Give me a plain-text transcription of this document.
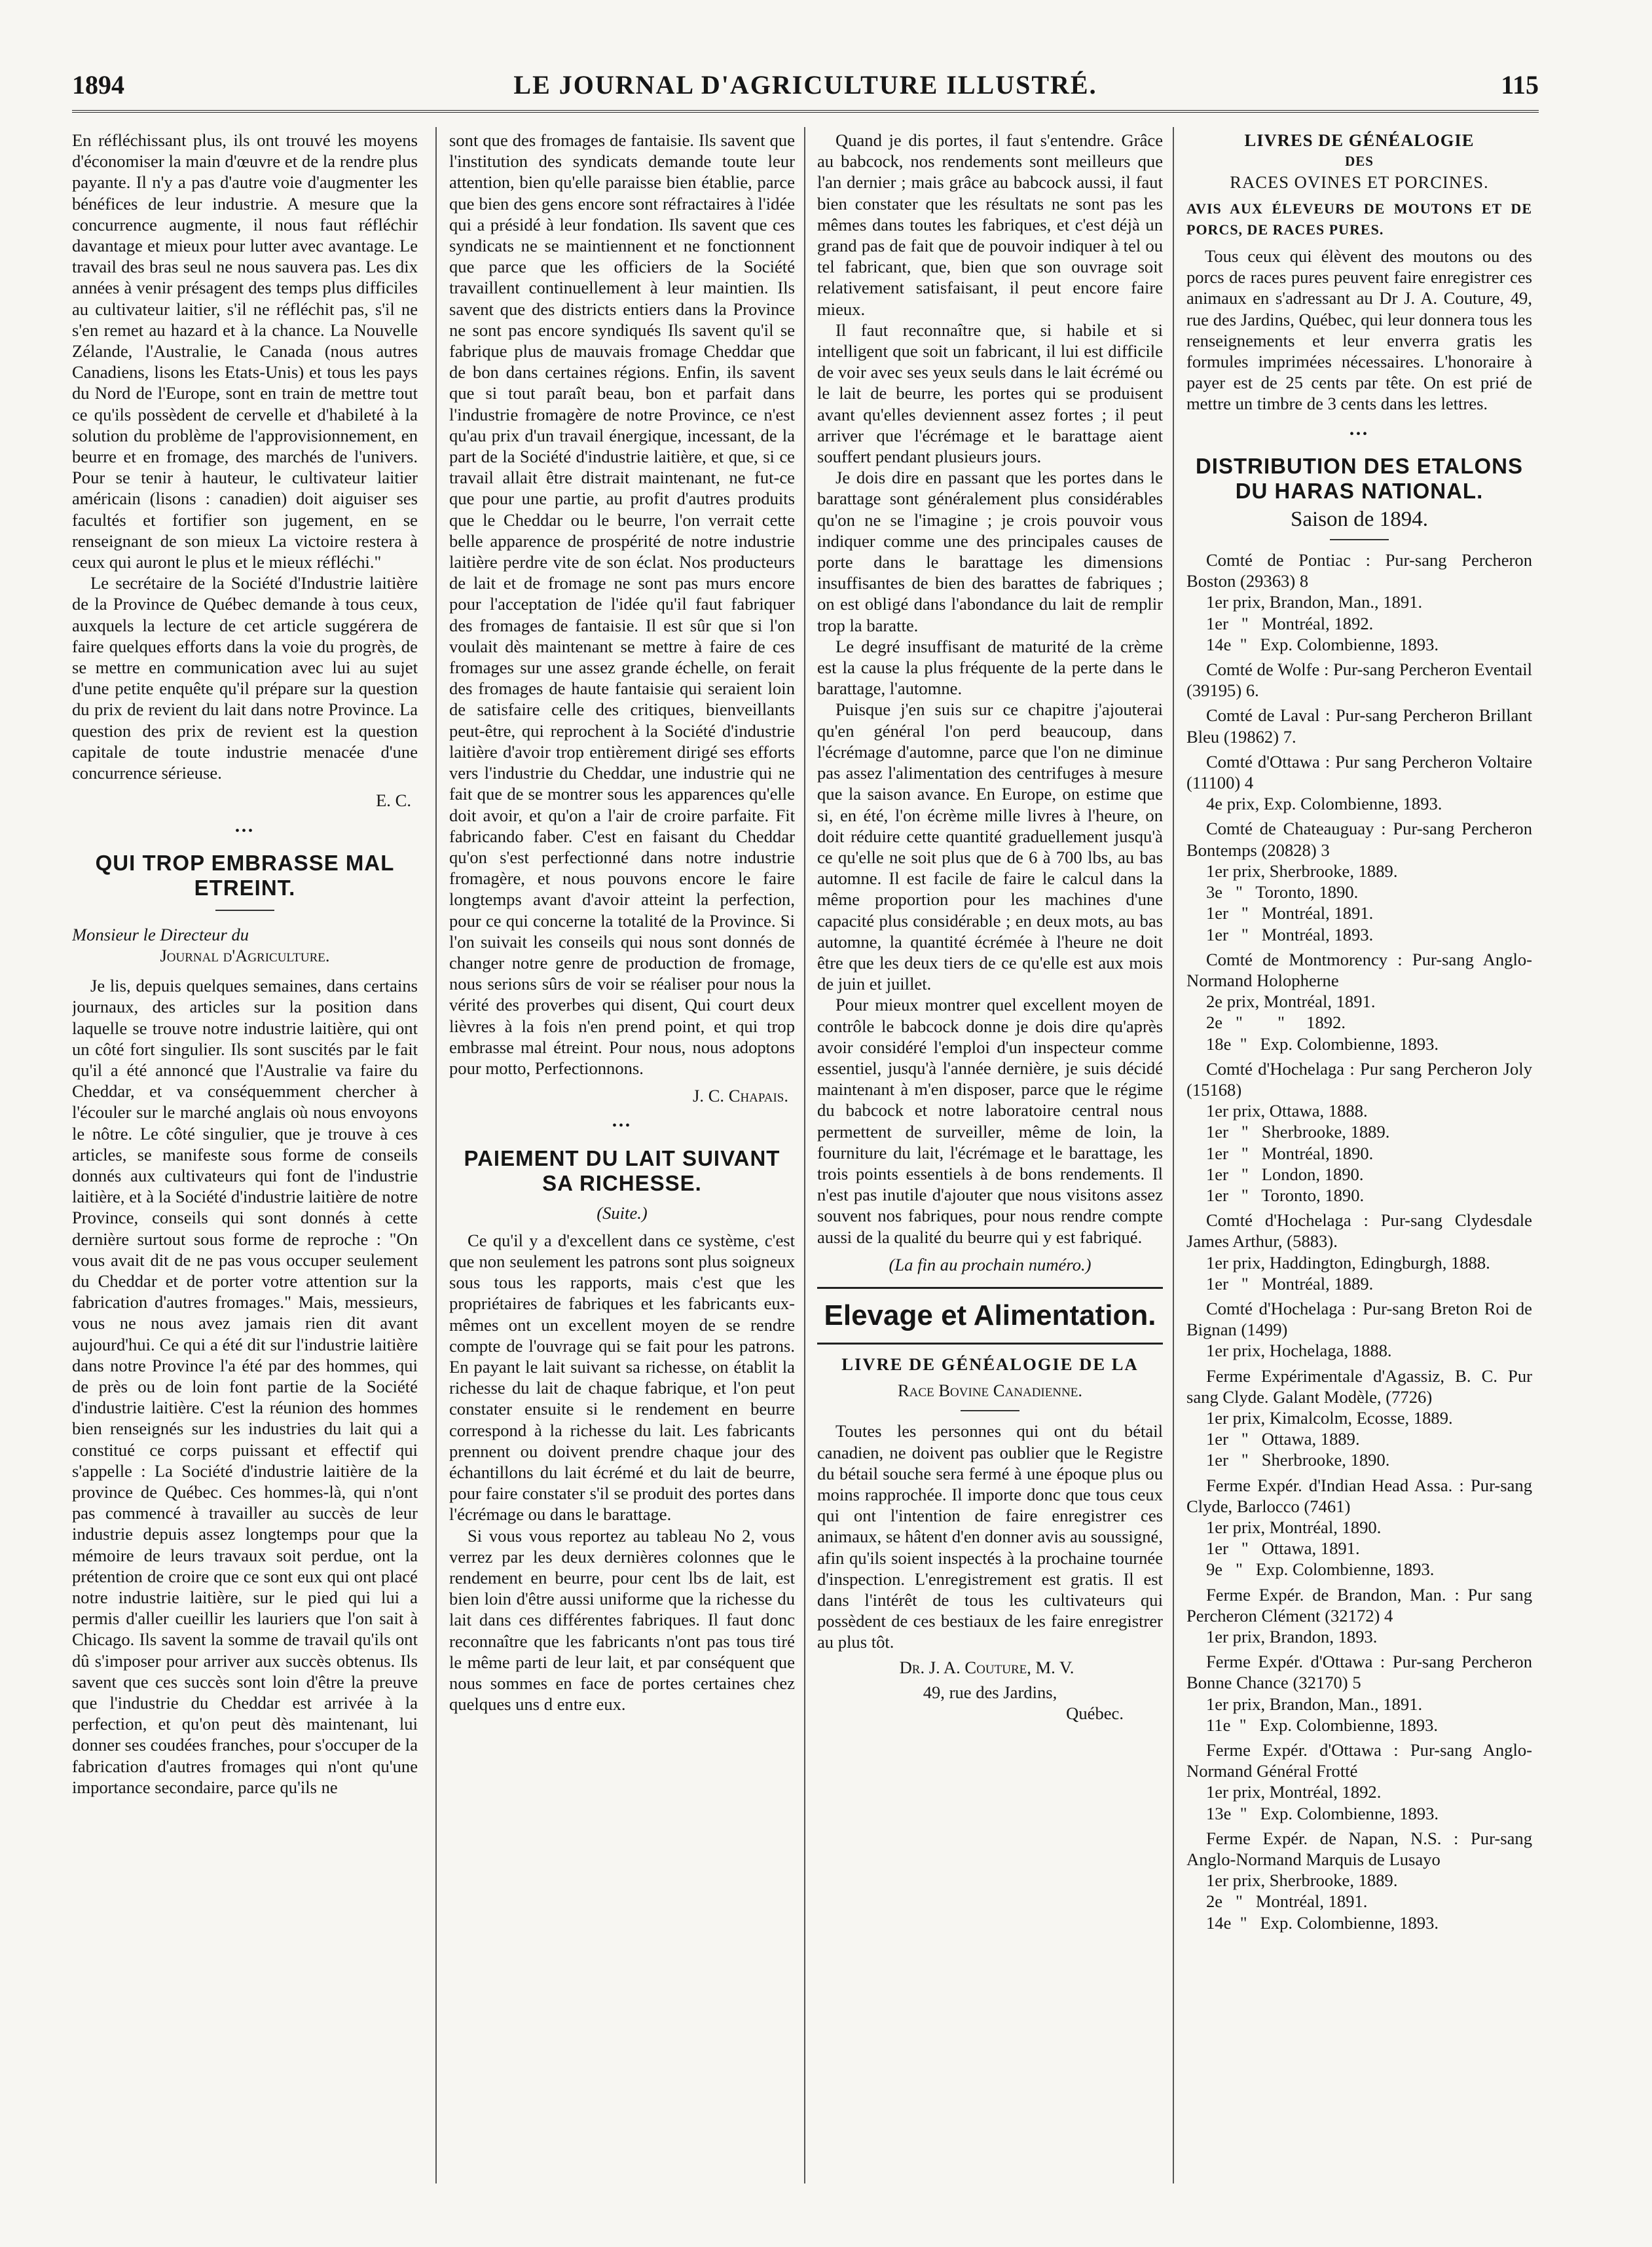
1894	LE JOURNAL D'AGRICULTURE ILLUSTRÉ.	115

En réfléchissant plus, ils ont trouvé les moyens d'économiser la main d'œuvre et de la rendre plus payante. Il n'y a pas d'autre voie d'augmenter les bénéfices de leur industrie. A mesure que la concurrence augmente, il nous faut réfléchir davantage et mieux pour lutter avec avantage. Le travail des bras seul ne nous sauvera pas. Les dix années à venir présagent des temps plus difficiles au cultivateur laitier, s'il ne réfléchit pas, s'il ne s'en remet au hazard et à la chance. La Nouvelle Zélande, l'Australie, le Canada (nous autres Canadiens, lisons les Etats-Unis) et tous les pays du Nord de l'Europe, sont en train de mettre tout ce qu'ils possèdent de cervelle et d'habileté à la solution du problème de l'approvisionnement, en beurre et en fromage, des marchés de l'univers. Pour se tenir à hauteur, le cultivateur laitier américain (lisons : canadien) doit aiguiser ses facultés et fortifier son jugement, en se renseignant de son mieux La victoire restera à ceux qui auront le plus et le mieux réfléchi."

Le secrétaire de la Société d'Industrie laitière de la Province de Québec demande à tous ceux, auxquels la lecture de cet article suggérera de faire quelques efforts dans la voie du progrès, de se mettre en communication avec lui au sujet d'une petite enquête qu'il prépare sur la question du prix de revient du lait dans notre Province. La question des prix de revient est la question capitale de toute industrie menacée d'une concurrence sérieuse.

E. C.
•••
QUI TROP EMBRASSE MAL ETREINT.
Monsieur le Directeur du
Journal d'Agriculture.

Je lis, depuis quelques semaines, dans certains journaux, des articles sur la position dans laquelle se trouve notre industrie laitière, qui ont un côté fort singulier. Ils sont suscités par le fait qu'il a été annoncé que l'Australie va faire du Cheddar, et va conséquemment chercher à l'écouler sur le marché anglais où nous envoyons le nôtre. Le côté singulier, que je trouve à ces articles, se manifeste sous forme de conseils donnés aux cultivateurs qui font de l'industrie laitière, et à la Société d'industrie laitière de notre Province, conseils qui sont donnés à cette dernière surtout sous forme de reproche : "On vous avait dit de ne pas vous occuper seulement du Cheddar et de porter votre attention sur la fabrication d'autres fromages." Mais, messieurs, vous ne nous avez jamais rien dit avant aujourd'hui. Ce qui a été dit sur l'industrie laitière dans notre Province l'a été par des hommes, qui de près ou de loin font partie de la Société d'industrie laitière. C'est la réunion des hommes bien renseignés sur les industries du lait qui a constitué ce corps puissant et effectif qui s'appelle : La Société d'industrie laitière de la province de Québec. Ces hommes-là, qui n'ont pas commencé à travailler au succès de leur industrie depuis assez longtemps pour que la mémoire de leurs travaux soit perdue, ont la prétention de croire que ce sont eux qui ont placé notre industrie laitière, sur le pied qui lui a permis d'aller cueillir les lauriers que l'on sait à Chicago. Ils savent la somme de travail qu'ils ont dû s'imposer pour arriver aux succès obtenus. Ils savent que ces succès sont loin d'être la preuve que l'industrie du Cheddar est arrivée à la perfection, et qu'on peut dès maintenant, lui donner ses coudées franches, pour s'occuper de la fabrication d'autres fromages qui n'ont qu'une importance secondaire, parce qu'ils ne

sont que des fromages de fantaisie. Ils savent que l'institution des syndicats demande toute leur attention, bien qu'elle paraisse bien établie, parce que bien des gens encore sont réfractaires à l'idée qui a présidé à leur fondation. Ils savent que ces syndicats ne se maintiennent et ne fonctionnent que parce que les officiers de la Société travaillent continuellement à leur maintien. Ils savent que des districts entiers dans la Province ne sont pas encore syndiqués Ils savent qu'il se fabrique plus de mauvais fromage Cheddar que de bon dans certaines régions. Enfin, ils savent que si tout paraît beau, bon et parfait dans l'industrie fromagère de notre Province, ce n'est qu'au prix d'un travail énergique, incessant, de la part de la Société d'industrie laitière, et que, si ce travail allait être distrait maintenant, ne fut-ce que pour une partie, au profit d'autres produits que le Cheddar ou le beurre, l'on verrait cette belle apparence de prospérité de notre industrie laitière perdre vite de son éclat. Nos producteurs de lait et de fromage ne sont pas murs encore pour l'acceptation de l'idée qu'il faut fabriquer des fromages de fantaisie. Il est sûr que si l'on voulait dès maintenant se mettre à faire de ces fromages sur une assez grande échelle, on ferait des fromages de haute fantaisie qui seraient loin de satisfaire celle des critiques, bienveillants peut-être, qui reprochent à la Société d'industrie laitière d'avoir trop entièrement dirigé ses efforts vers l'industrie du Cheddar, une industrie qui ne fait que de se montrer sous les apparences qu'elle doit avoir, et qu'on a l'air de croire parfaite. Fit fabricando faber. C'est en faisant du Cheddar qu'on s'est perfectionné dans notre industrie fromagère, et nous pouvons encore le faire longtemps avant d'avoir atteint la perfection, pour ce qui concerne la totalité de la Province. Si l'on suivait les conseils qui nous sont donnés de changer notre genre de production de fromage, nous serions sûrs de voir se réaliser pour nous la vérité des proverbes qui disent, Qui court deux lièvres à la fois n'en prend point, et qui trop embrasse mal étreint. Pour nous, nous adoptons pour motto, Perfectionnons.

J. C. Chapais.
•••
PAIEMENT DU LAIT SUIVANT SA RICHESSE.
(Suite.)

Ce qu'il y a d'excellent dans ce système, c'est que non seulement les patrons sont plus soigneux sous tous les rapports, mais c'est que les propriétaires de fabriques et les fabricants eux-mêmes ont un excellent moyen de se rendre compte de l'ouvrage qui se fait pour les patrons. En payant le lait suivant sa richesse, on établit la richesse du lait de chaque fabrique, et l'on peut constater ensuite si le rendement en beurre correspond à la richesse du lait. Les fabricants prennent ou doivent prendre chaque jour des échantillons du lait écrémé et du lait de beurre, pour faire constater s'il se produit des portes dans l'écrémage ou dans le barattage.

Si vous vous reportez au tableau No 2, vous verrez par les deux dernières colonnes que le rendement en beurre, pour cent lbs de lait, est bien loin d'être aussi uniforme que la richesse du lait dans ces différentes fabriques. Il faut donc reconnaître que les fabricants n'ont pas tous tiré le même parti de leur lait, et par conséquent que nous sommes en face de portes certaines chez quelques uns d entre eux.

Quand je dis portes, il faut s'entendre. Grâce au babcock, nos rendements sont meilleurs que l'an dernier ; mais grâce au babcock aussi, il faut bien constater que les résultats ne sont pas les mêmes dans toutes les fabriques, et c'est déjà un grand pas de fait que de pouvoir indiquer à tel ou tel fabricant, que, bien que son ouvrage soit relativement satisfaisant, il peut encore faire mieux.

Il faut reconnaître que, si habile et si intelligent que soit un fabricant, il lui est difficile de voir avec ses yeux seuls dans le lait écrémé ou le lait de beurre, les portes qui se produisent avant qu'elles deviennent assez fortes ; il peut arriver que l'écrémage et le barattage aient souffert pendant plusieurs jours.

Je dois dire en passant que les portes dans le barattage sont généralement plus considérables qu'on ne se l'imagine ; je crois pouvoir vous indiquer comme une des principales causes de porte dans le barattage les dimensions insuffisantes de bien des barattes de fabriques ; on est obligé dans l'abondance du lait de remplir trop la baratte.

Le degré insuffisant de maturité de la crème est la cause la plus fréquente de la perte dans le barattage, l'automne.

Puisque j'en suis sur ce chapitre j'ajouterai qu'en général l'on perd beaucoup, dans l'écrémage d'automne, parce que l'on ne diminue pas assez l'alimentation des centrifuges à mesure que la saison avance. En Europe, on estime que si, en été, l'on écrème mille livres à l'heure, on doit réduire cette quantité graduellement jusqu'à ce qu'elle ne soit plus que de 6 à 700 lbs, au bas automne. Il est facile de faire le calcul dans la même proportion pour les machines d'une capacité plus considérable ; en deux mots, au bas automne, la quantité écrémée à l'heure ne doit être que les deux tiers de ce qu'elle est aux mois de juin et juillet.

Pour mieux montrer quel excellent moyen de contrôle le babcock donne je dois dire qu'après avoir considéré l'emploi d'un inspecteur comme essentiel, jusqu'à l'année dernière, je suis décidé maintenant à m'en disposer, parce que le régime du babcock et notre laboratoire central nous permettent de surveiller, même de loin, la fourniture du lait, l'écrémage et le barattage, les trois points essentiels à de bons rendements. Il n'est pas inutile d'ajouter que nous visitons assez souvent nos fabriques, pour nous rendre compte aussi de la qualité du beurre qui y est fabriqué.

(La fin au prochain numéro.)
Elevage et Alimentation.
LIVRE DE GÉNÉALOGIE DE LA
Race Bovine Canadienne.

Toutes les personnes qui ont du bétail canadien, ne doivent pas oublier que le Registre du bétail souche sera fermé à une époque plus ou moins rapprochée. Il importe donc que tous ceux qui ont l'intention de faire enregistrer ces animaux, se hâtent d'en donner avis au soussigné, afin qu'ils soient inspectés à la prochaine tournée d'inspection. L'enregistrement est gratis. Il est dans l'intérêt de tous les cultivateurs qui possèdent de ces bestiaux de les faire enregistrer au plus tôt.

Dr. J. A. Couture, M. V.
49, rue des Jardins,
Québec.
LIVRES DE GÉNÉALOGIE
DES
RACES OVINES ET PORCINES.
AVIS AUX ÉLEVEURS DE MOUTONS ET DE PORCS, DE RACES PURES.

Tous ceux qui élèvent des moutons ou des porcs de races pures peuvent faire enregistrer ces animaux en s'adressant au Dr J. A. Couture, 49, rue des Jardins, Québec, qui leur donnera tous les renseignements et leur enverra gratis les formules imprimées nécessaires. L'honoraire à payer est de 25 cents par tête. On est prié de mettre un timbre de 3 cents dans les lettres.

•••
DISTRIBUTION DES ETALONS DU HARAS NATIONAL.
Saison de 1894.

Comté de Pontiac : Pur-sang Percheron Boston (29363) 8

1er prix, Brandon, Man., 1891.
1er   "   Montréal, 1892.
14e  "   Exp. Colombienne, 1893.

Comté de Wolfe : Pur-sang Percheron Eventail (39195) 6.

Comté de Laval : Pur-sang Percheron Brillant Bleu (19862) 7.

Comté d'Ottawa : Pur sang Percheron Voltaire (11100) 4

4e prix, Exp. Colombienne, 1893.

Comté de Chateauguay : Pur-sang Percheron Bontemps (20828) 3

1er prix, Sherbrooke, 1889.
3e   "   Toronto, 1890.
1er   "   Montréal, 1891.
1er   "   Montréal, 1893.

Comté de Montmorency : Pur-sang Anglo-Normand Holopherne

2e prix, Montréal, 1891.
2e   "        "     1892.
18e  "   Exp. Colombienne, 1893.

Comté d'Hochelaga : Pur sang Percheron Joly (15168)

1er prix, Ottawa, 1888.
1er   "   Sherbrooke, 1889.
1er   "   Montréal, 1890.
1er   "   London, 1890.
1er   "   Toronto, 1890.

Comté d'Hochelaga : Pur-sang Clydesdale James Arthur, (5883).

1er prix, Haddington, Edingburgh, 1888.
1er   "   Montréal, 1889.

Comté d'Hochelaga : Pur-sang Breton Roi de Bignan (1499)

1er prix, Hochelaga, 1888.

Ferme Expérimentale d'Agassiz, B. C. Pur sang Clyde. Galant Modèle, (7726)

1er prix, Kimalcolm, Ecosse, 1889.
1er   "   Ottawa, 1889.
1er   "   Sherbrooke, 1890.

Ferme Expér. d'Indian Head Assa. : Pur-sang Clyde, Barlocco (7461)

1er prix, Montréal, 1890.
1er   "   Ottawa, 1891.
9e   "   Exp. Colombienne, 1893.

Ferme Expér. de Brandon, Man. : Pur sang Percheron Clément (32172) 4

1er prix, Brandon, 1893.

Ferme Expér. d'Ottawa : Pur-sang Percheron Bonne Chance (32170) 5

1er prix, Brandon, Man., 1891.
11e  "   Exp. Colombienne, 1893.

Ferme Expér. d'Ottawa : Pur-sang Anglo-Normand Général Frotté

1er prix, Montréal, 1892.
13e  "   Exp. Colombienne, 1893.

Ferme Expér. de Napan, N.S. : Pur-sang Anglo-Normand Marquis de Lusayo

1er prix, Sherbrooke, 1889.
2e   "   Montréal, 1891.
14e  "   Exp. Colombienne, 1893.
